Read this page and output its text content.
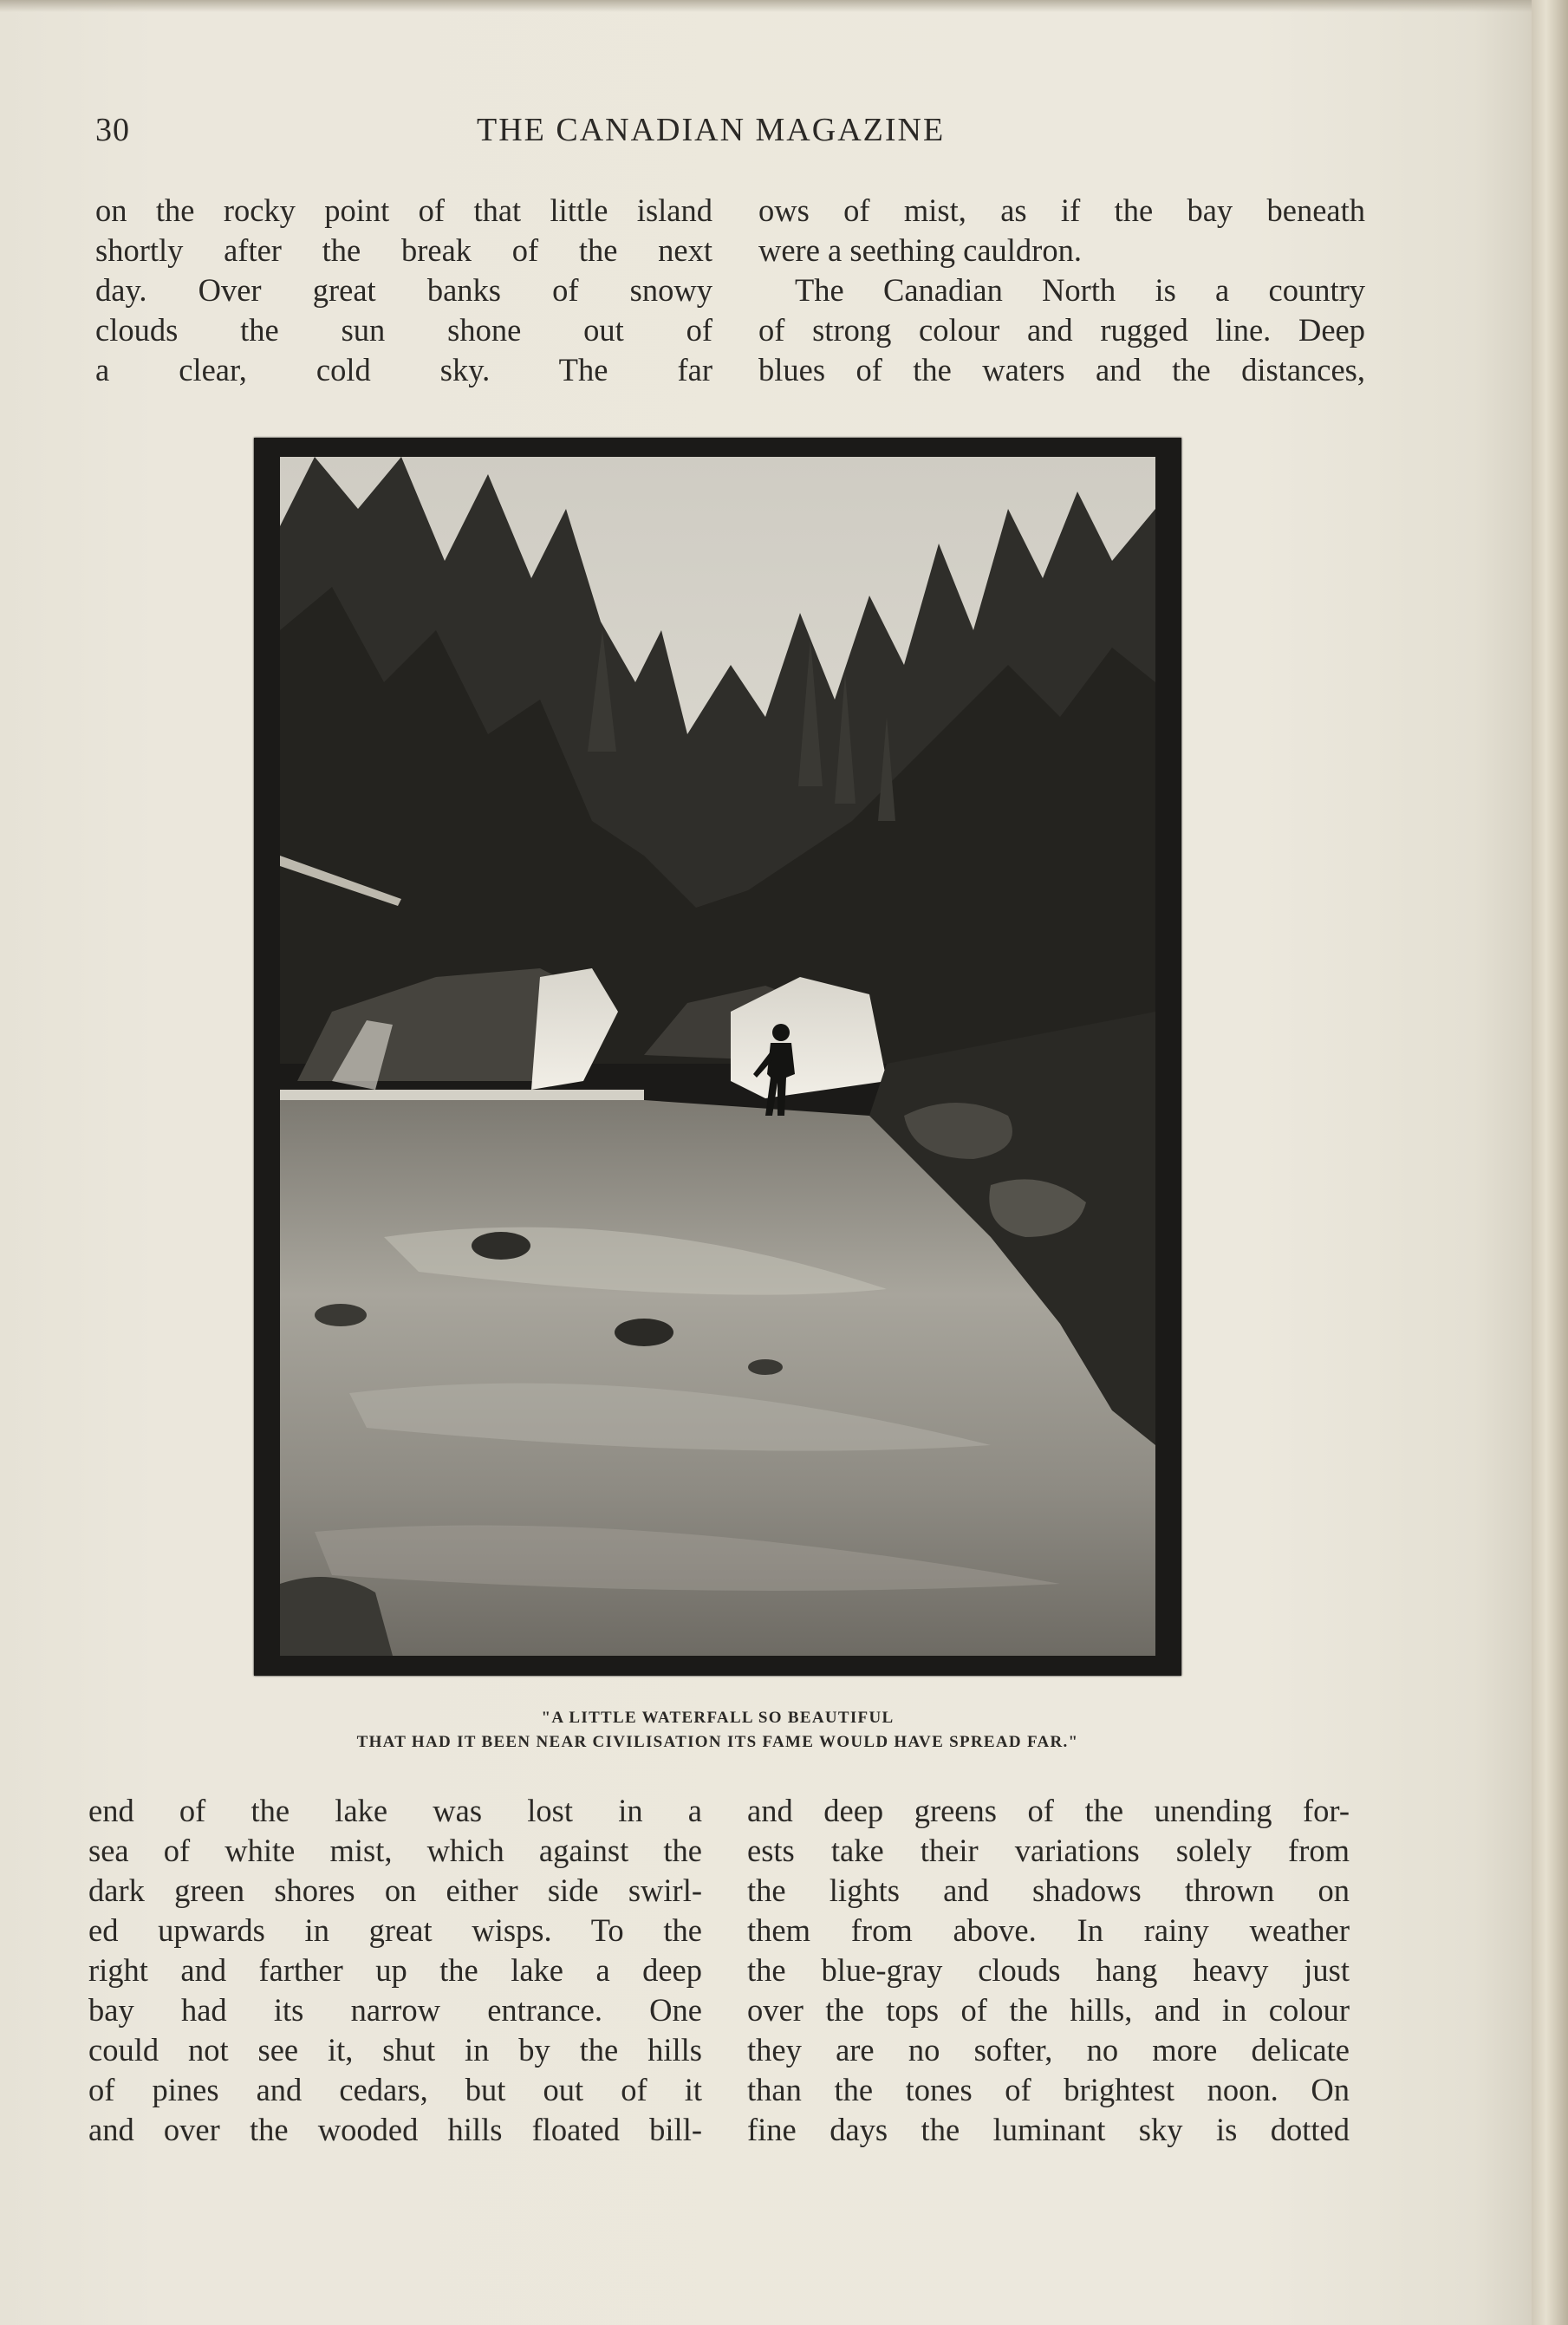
30	THE CANADIAN MAGAZINE
on the rocky point of that little island
shortly after the break of the next
day. Over great banks of snowy
clouds the sun shone out of
a clear, cold sky. The far
ows of mist, as if the bay beneath
were a seething cauldron.
The Canadian North is a country
of strong colour and rugged line. Deep
blues of the waters and the distances,
"A LITTLE WATERFALL SO BEAUTIFUL
THAT HAD IT BEEN NEAR CIVILISATION ITS FAME WOULD HAVE SPREAD FAR."
end of the lake was lost in a
sea of white mist, which against the
dark green shores on either side swirl-
ed upwards in great wisps. To the
right and farther up the lake a deep
bay had its narrow entrance. One
could not see it, shut in by the hills
of pines and cedars, but out of it
and over the wooded hills floated bill-
and deep greens of the unending for-
ests take their variations solely from
the lights and shadows thrown on
them from above. In rainy weather
the blue-gray clouds hang heavy just
over the tops of the hills, and in colour
they are no softer, no more delicate
than the tones of brightest noon. On
fine days the luminant sky is dotted
